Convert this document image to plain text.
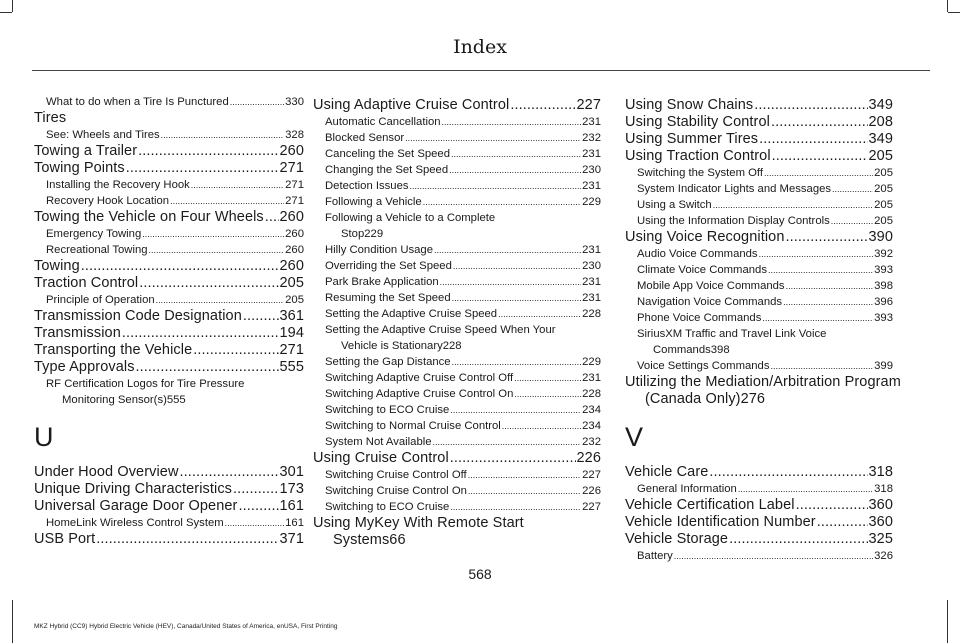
Index
What to do when a Tire Is Punctured .....	330
Tires
See: Wheels and Tires .....	328
Towing a Trailer .....	260
Towing Points .....	271
Installing the Recovery Hook .....	271
Recovery Hook Location .....	271
Towing the Vehicle on Four Wheels ..... 260
Emergency Towing .....	260
Recreational Towing .....	260
Towing .....	260
Traction Control .....	205
Principle of Operation .....	205
Transmission Code Designation .....	361
Transmission .....	194
Transporting the Vehicle .....	271
Type Approvals .....	555
RF Certification Logos for Tire Pressure
Monitoring Sensor(s) 555
U
Under Hood Overview .....	301
Unique Driving Characteristics .....	173
Universal Garage Door Opener .....	161
HomeLink Wireless Control System .....	161
USB Port .....	371
Using Adaptive Cruise Control .....	227
Automatic Cancellation .....	231
Blocked Sensor .....	232
Canceling the Set Speed .....	231
Changing the Set Speed .....	230
Detection Issues .....	231
Following a Vehicle .....	229
Following a Vehicle to a Complete
Stop 229
Hilly Condition Usage .....	231
Overriding the Set Speed .....	230
Park Brake Application .....	231
Resuming the Set Speed .....	231
Setting the Adaptive Cruise Speed .....	228
Setting the Adaptive Cruise Speed When Your
Vehicle is Stationary 228
Setting the Gap Distance .....	229
Switching Adaptive Cruise Control Off .....	231
Switching Adaptive Cruise Control On .....	228
Switching to ECO Cruise .....	234
Switching to Normal Cruise Control .....	234
System Not Available .....	232
Using Cruise Control .....	226
Switching Cruise Control Off .....	227
Switching Cruise Control On .....	226
Switching to ECO Cruise .....	227
Using MyKey With Remote Start
Systems 66
Using Snow Chains .....	349
Using Stability Control .....	208
Using Summer Tires .....	349
Using Traction Control .....	205
Switching the System Off .....	205
System Indicator Lights and Messages .....	205
Using a Switch .....	205
Using the Information Display Controls .....	205
Using Voice Recognition .....	390
Audio Voice Commands .....	392
Climate Voice Commands .....	393
Mobile App Voice Commands .....	398
Navigation Voice Commands .....	396
Phone Voice Commands .....	393
SiriusXM Traffic and Travel Link Voice
Commands 398
Voice Settings Commands .....	399
Utilizing the Mediation/Arbitration Program
(Canada Only) 276
V
Vehicle Care .....	318
General Information .....	318
Vehicle Certification Label .....	360
Vehicle Identification Number .....	360
Vehicle Storage .....	325
Battery .....	326
568
MKZ Hybrid (CC9) Hybrid Electric Vehicle (HEV), Canada/United States of America, enUSA, First Printing
